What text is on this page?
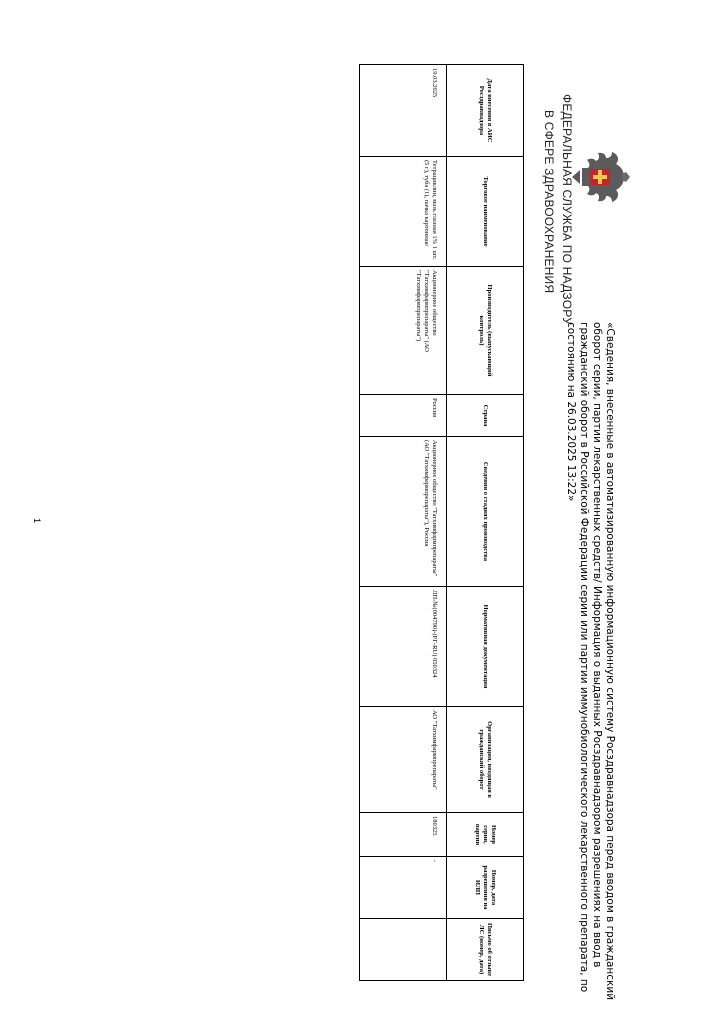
ФЕДЕРАЛЬНАЯ СЛУЖБА ПО НАДЗОРУ
В СФЕРЕ ЗДРАВООХРАНЕНИЯ
«Сведения, внесенные в автоматизированную информационную систему Росздравнадзора перед вводом в гражданский оборот серии, партии лекарственных средств/ Информация о выданных Росздравнадзором разрешениях на ввод в гражданский оборот в Российской Федерации серии или партии иммунобиологического лекарственного препарата, по состоянию на 26.03.2025 13:22»
Дата внесения в АИС Росздравнадзора	Торговое наименование	Производитель (выпускающий контроль)	Страна	Сведения о стадиях производства	Нормативная документация	Организация, вводящая в гражданский оборот	Номер серии, партии	Номер, дата разрешения на ИЛП	Письмо об отзыве ЛС (номер, дата)
19.03.2025	Тетрациклин, мазь глазная 1% 1 шт. (5 г), туба (1), пачка картонная/	Акционерное общество "Татхимфармпрепараты" (АО "Татхимфармпрепараты")	Россия	Акционерное общество "Татхимфармпрепараты" (АО "Татхимфармпрепараты"), Россия	ЛП-№(004790)-(РГ-RU) 050324	АО "Татхимфармпрепараты"	180325	-	
1
